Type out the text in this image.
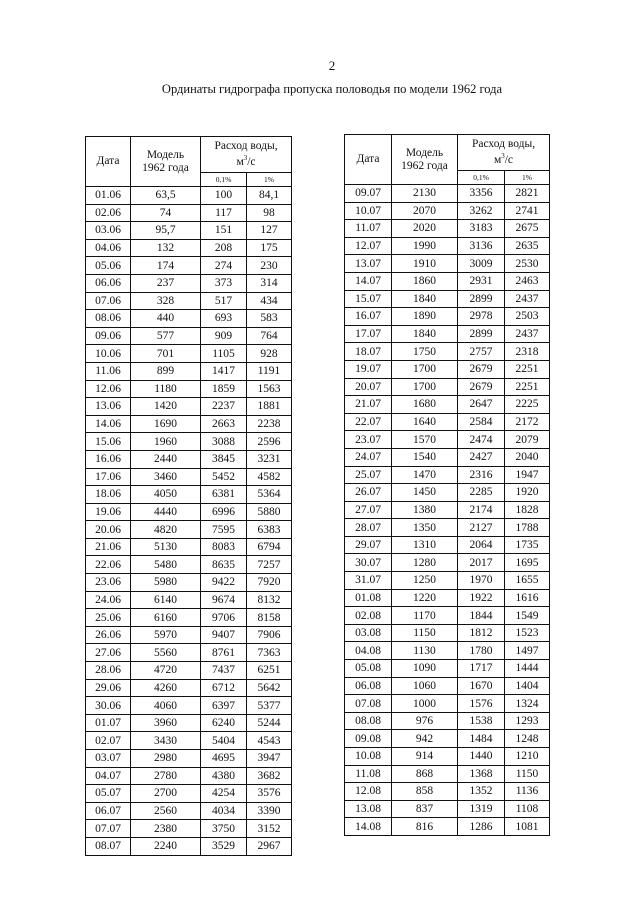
2
Ординаты гидрографа пропуска половодья по модели 1962 года
Дата	Модель
1962 года	Расход воды,
$м^3/с$	
		0,1%	1%
01.06	63,5	100	84,1
02.06	74	117	98
03.06	95,7	151	127
04.06	132	208	175
05.06	174	274	230
06.06	237	373	314
07.06	328	517	434
08.06	440	693	583
09.06	577	909	764
10.06	701	1105	928
11.06	899	1417	1191
12.06	1180	1859	1563
13.06	1420	2237	1881
14.06	1690	2663	2238
15.06	1960	3088	2596
16.06	2440	3845	3231
17.06	3460	5452	4582
18.06	4050	6381	5364
19.06	4440	6996	5880
20.06	4820	7595	6383
21.06	5130	8083	6794
22.06	5480	8635	7257
23.06	5980	9422	7920
24.06	6140	9674	8132
25.06	6160	9706	8158
26.06	5970	9407	7906
27.06	5560	8761	7363
28.06	4720	7437	6251
29.06	4260	6712	5642
30.06	4060	6397	5377
01.07	3960	6240	5244
02.07	3430	5404	4543
03.07	2980	4695	3947
04.07	2780	4380	3682
05.07	2700	4254	3576
06.07	2560	4034	3390
07.07	2380	3750	3152
08.07	2240	3529	2967
Дата	Модель
1962 года	Расход воды,
$м^3/с$	
		0,1%	1%
09.07	2130	3356	2821
10.07	2070	3262	2741
11.07	2020	3183	2675
12.07	1990	3136	2635
13.07	1910	3009	2530
14.07	1860	2931	2463
15.07	1840	2899	2437
16.07	1890	2978	2503
17.07	1840	2899	2437
18.07	1750	2757	2318
19.07	1700	2679	2251
20.07	1700	2679	2251
21.07	1680	2647	2225
22.07	1640	2584	2172
23.07	1570	2474	2079
24.07	1540	2427	2040
25.07	1470	2316	1947
26.07	1450	2285	1920
27.07	1380	2174	1828
28.07	1350	2127	1788
29.07	1310	2064	1735
30.07	1280	2017	1695
31.07	1250	1970	1655
01.08	1220	1922	1616
02.08	1170	1844	1549
03.08	1150	1812	1523
04.08	1130	1780	1497
05.08	1090	1717	1444
06.08	1060	1670	1404
07.08	1000	1576	1324
08.08	976	1538	1293
09.08	942	1484	1248
10.08	914	1440	1210
11.08	868	1368	1150
12.08	858	1352	1136
13.08	837	1319	1108
14.08	816	1286	1081
